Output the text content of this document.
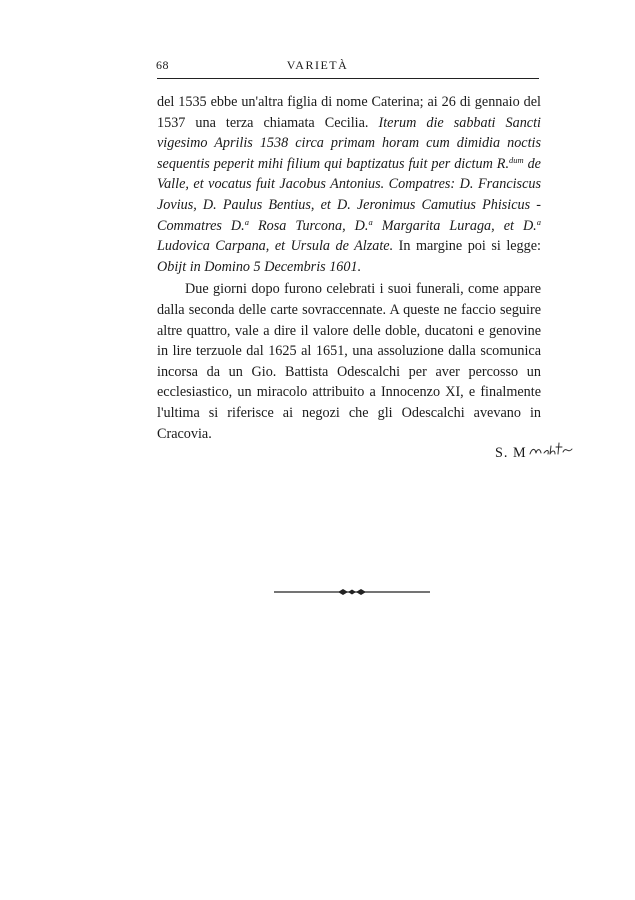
68	VARIETÀ

del 1535 ebbe un'altra figlia di nome Caterina; ai 26 di gennaio del 1537 una terza chiamata Cecilia. Iterum die sabbati Sancti vigesimo Aprilis 1538 circa primam horam cum dimidia noctis sequentis peperit mihi filium qui baptizatus fuit per dictum R.$^{dum}$ de Valle, et vocatus fuit Jacobus Antonius. Compatres: D. Franciscus Jovius, D. Paulus Bentius, et D. Jeronimus Camutius Phisicus - Commatres D.$^a$ Rosa Turcona, D.$^a$ Margarita Luraga, et D.$^a$ Ludovica Carpana, et Ursula de Alzate. In margine poi si legge: Obijt in Domino 5 Decembris 1601.

Due giorni dopo furono celebrati i suoi funerali, come appare dalla seconda delle carte sovraccennate. A queste ne faccio seguire altre quattro, vale a dire il valore delle doble, ducatoni e genovine in lire terzuole dal 1625 al 1651, una assoluzione dalla scomunica incorsa da un Gio. Battista Odescalchi per aver percosso un ecclesiastico, un miracolo attribuito a Innocenzo XI, e finalmente l'ultima si riferisce ai negozi che gli Odescalchi avevano in Cracovia.

S. M
